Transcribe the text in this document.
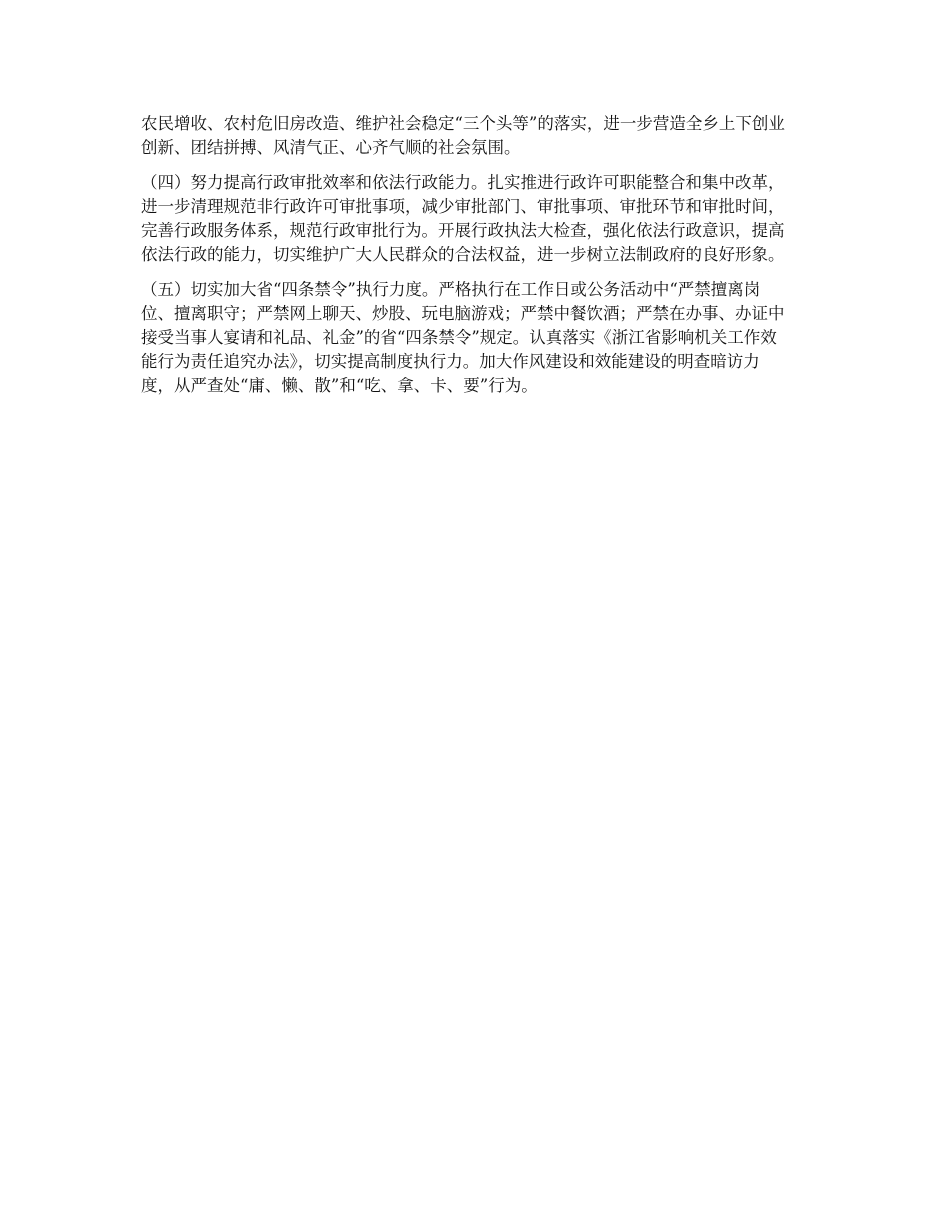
农民增收、农村危旧房改造、维护社会稳定“三个头等”的落实，进一步营造全乡上下创业
创新、团结拼搏、风清气正、心齐气顺的社会氛围。

（四）努力提高行政审批效率和依法行政能力。扎实推进行政许可职能整合和集中改革，
进一步清理规范非行政许可审批事项，减少审批部门、审批事项、审批环节和审批时间，
完善行政服务体系，规范行政审批行为。开展行政执法大检查，强化依法行政意识，提高
依法行政的能力，切实维护广大人民群众的合法权益，进一步树立法制政府的良好形象。

（五）切实加大省“四条禁令”执行力度。严格执行在工作日或公务活动中“严禁擅离岗
位、擅离职守；严禁网上聊天、炒股、玩电脑游戏；严禁中餐饮酒；严禁在办事、办证中
接受当事人宴请和礼品、礼金”的省“四条禁令”规定。认真落实《浙江省影响机关工作效
能行为责任追究办法》，切实提高制度执行力。加大作风建设和效能建设的明查暗访力
度，从严查处“庸、懒、散”和“吃、拿、卡、要”行为。
